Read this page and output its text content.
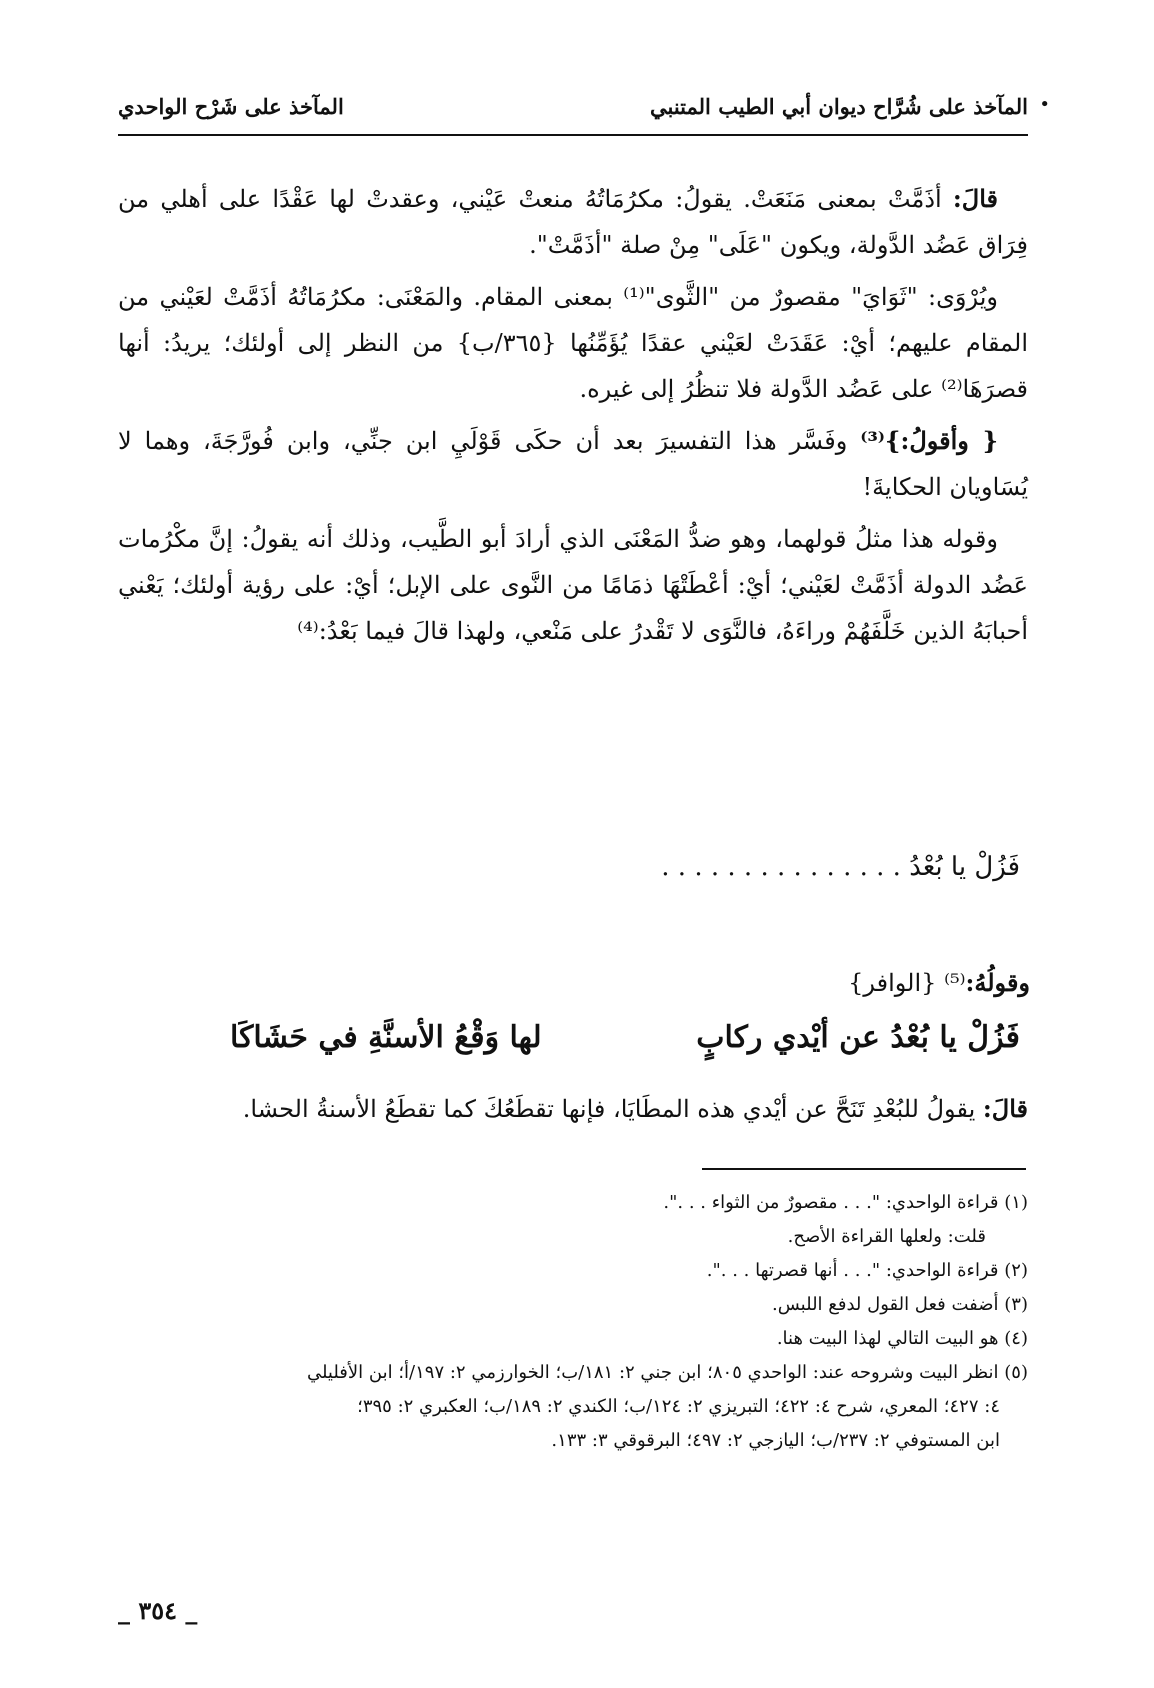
•
المآخذ على شُرَّاح ديوان أبي الطيب المتنبي
المآخذ على شَرْح الواحدي

قالَ: أذَمَّتْ بمعنى مَنَعَتْ. يقولُ: مكرُمَاتُهُ منعتْ عَيْني، وعقدتْ لها عَقْدًا على أهلي من فِرَاق عَضُد الدَّولة، ويكون "عَلَى" مِنْ صلة "أذَمَّتْ".

ويُرْوَى: "ثَوَايَ" مقصورٌ من "الثَّوى"⁽¹⁾ بمعنى المقام. والمَعْنَى: مكرُمَاتُهُ أذَمَّتْ لعَيْني من المقام عليهم؛ أيْ: عَقَدَتْ لعَيْني عقدًا يُؤَمِّنُها {٣٦٥/ب} من النظر إلى أولئك؛ يريدُ: أنها قصرَهَا⁽²⁾ على عَضُد الدَّولة فلا تنظُرُ إلى غيره.

{ وأقولُ:}⁽³⁾ وفَسَّر هذا التفسيرَ بعد أن حكَى قَوْلَيِ ابن جنِّي، وابن فُورَّجَةَ، وهما لا يُسَاويان الحكايةَ!

وقوله هذا مثلُ قولهما، وهو ضدُّ المَعْنَى الذي أرادَ أبو الطَّيب، وذلك أنه يقولُ: إنَّ مكْرُمات عَضُد الدولة أذَمَّتْ لعَيْني؛ أيْ: أعْطَتْهَا ذمَامًا من النَّوى على الإبل؛ أيْ: على رؤية أولئك؛ يَعْني أحبابَهُ الذين خَلَّفَهُمْ وراءَهُ، فالنَّوَى لا تَقْدرُ على مَنْعي، ولهذا قالَ فيما بَعْدُ:⁽⁴⁾

فَزُلْ يا بُعْدُ . . . . . . . . . . . . . . .
وقولُهُ:⁽⁵⁾ {الوافر}
فَزُلْ يا بُعْدُ عن أيْدي ركابٍ
لها وَقْعُ الأسنَّةِ في حَشَاكَا
قالَ: يقولُ للبُعْدِ تَنَحَّ عن أيْدي هذه المطَايَا، فإنها تقطَعُكَ كما تقطَعُ الأسنةُ الحشا.

(١) قراءة الواحدي: ". . . مقصورٌ من الثواء . . .".

قلت: ولعلها القراءة الأصح.

(٢) قراءة الواحدي: ". . . أنها قصرتها . . .".

(٣) أضفت فعل القول لدفع اللبس.

(٤) هو البيت التالي لهذا البيت هنا.

(٥) انظر البيت وشروحه عند: الواحدي ٨٠٥؛ ابن جني ٢: ١٨١/ب؛ الخوارزمي ٢: ١٩٧/أ؛ ابن الأفليلي

٤: ٤٢٧؛ المعري، شرح ٤: ٤٢٢؛ التبريزي ٢: ١٢٤/ب؛ الكندي ٢: ١٨٩/ب؛ العكبري ٢: ٣٩٥؛

ابن المستوفي ٢: ٢٣٧/ب؛ اليازجي ٢: ٤٩٧؛ البرقوقي ٣: ١٣٣.

_ ٣٥٤ _
